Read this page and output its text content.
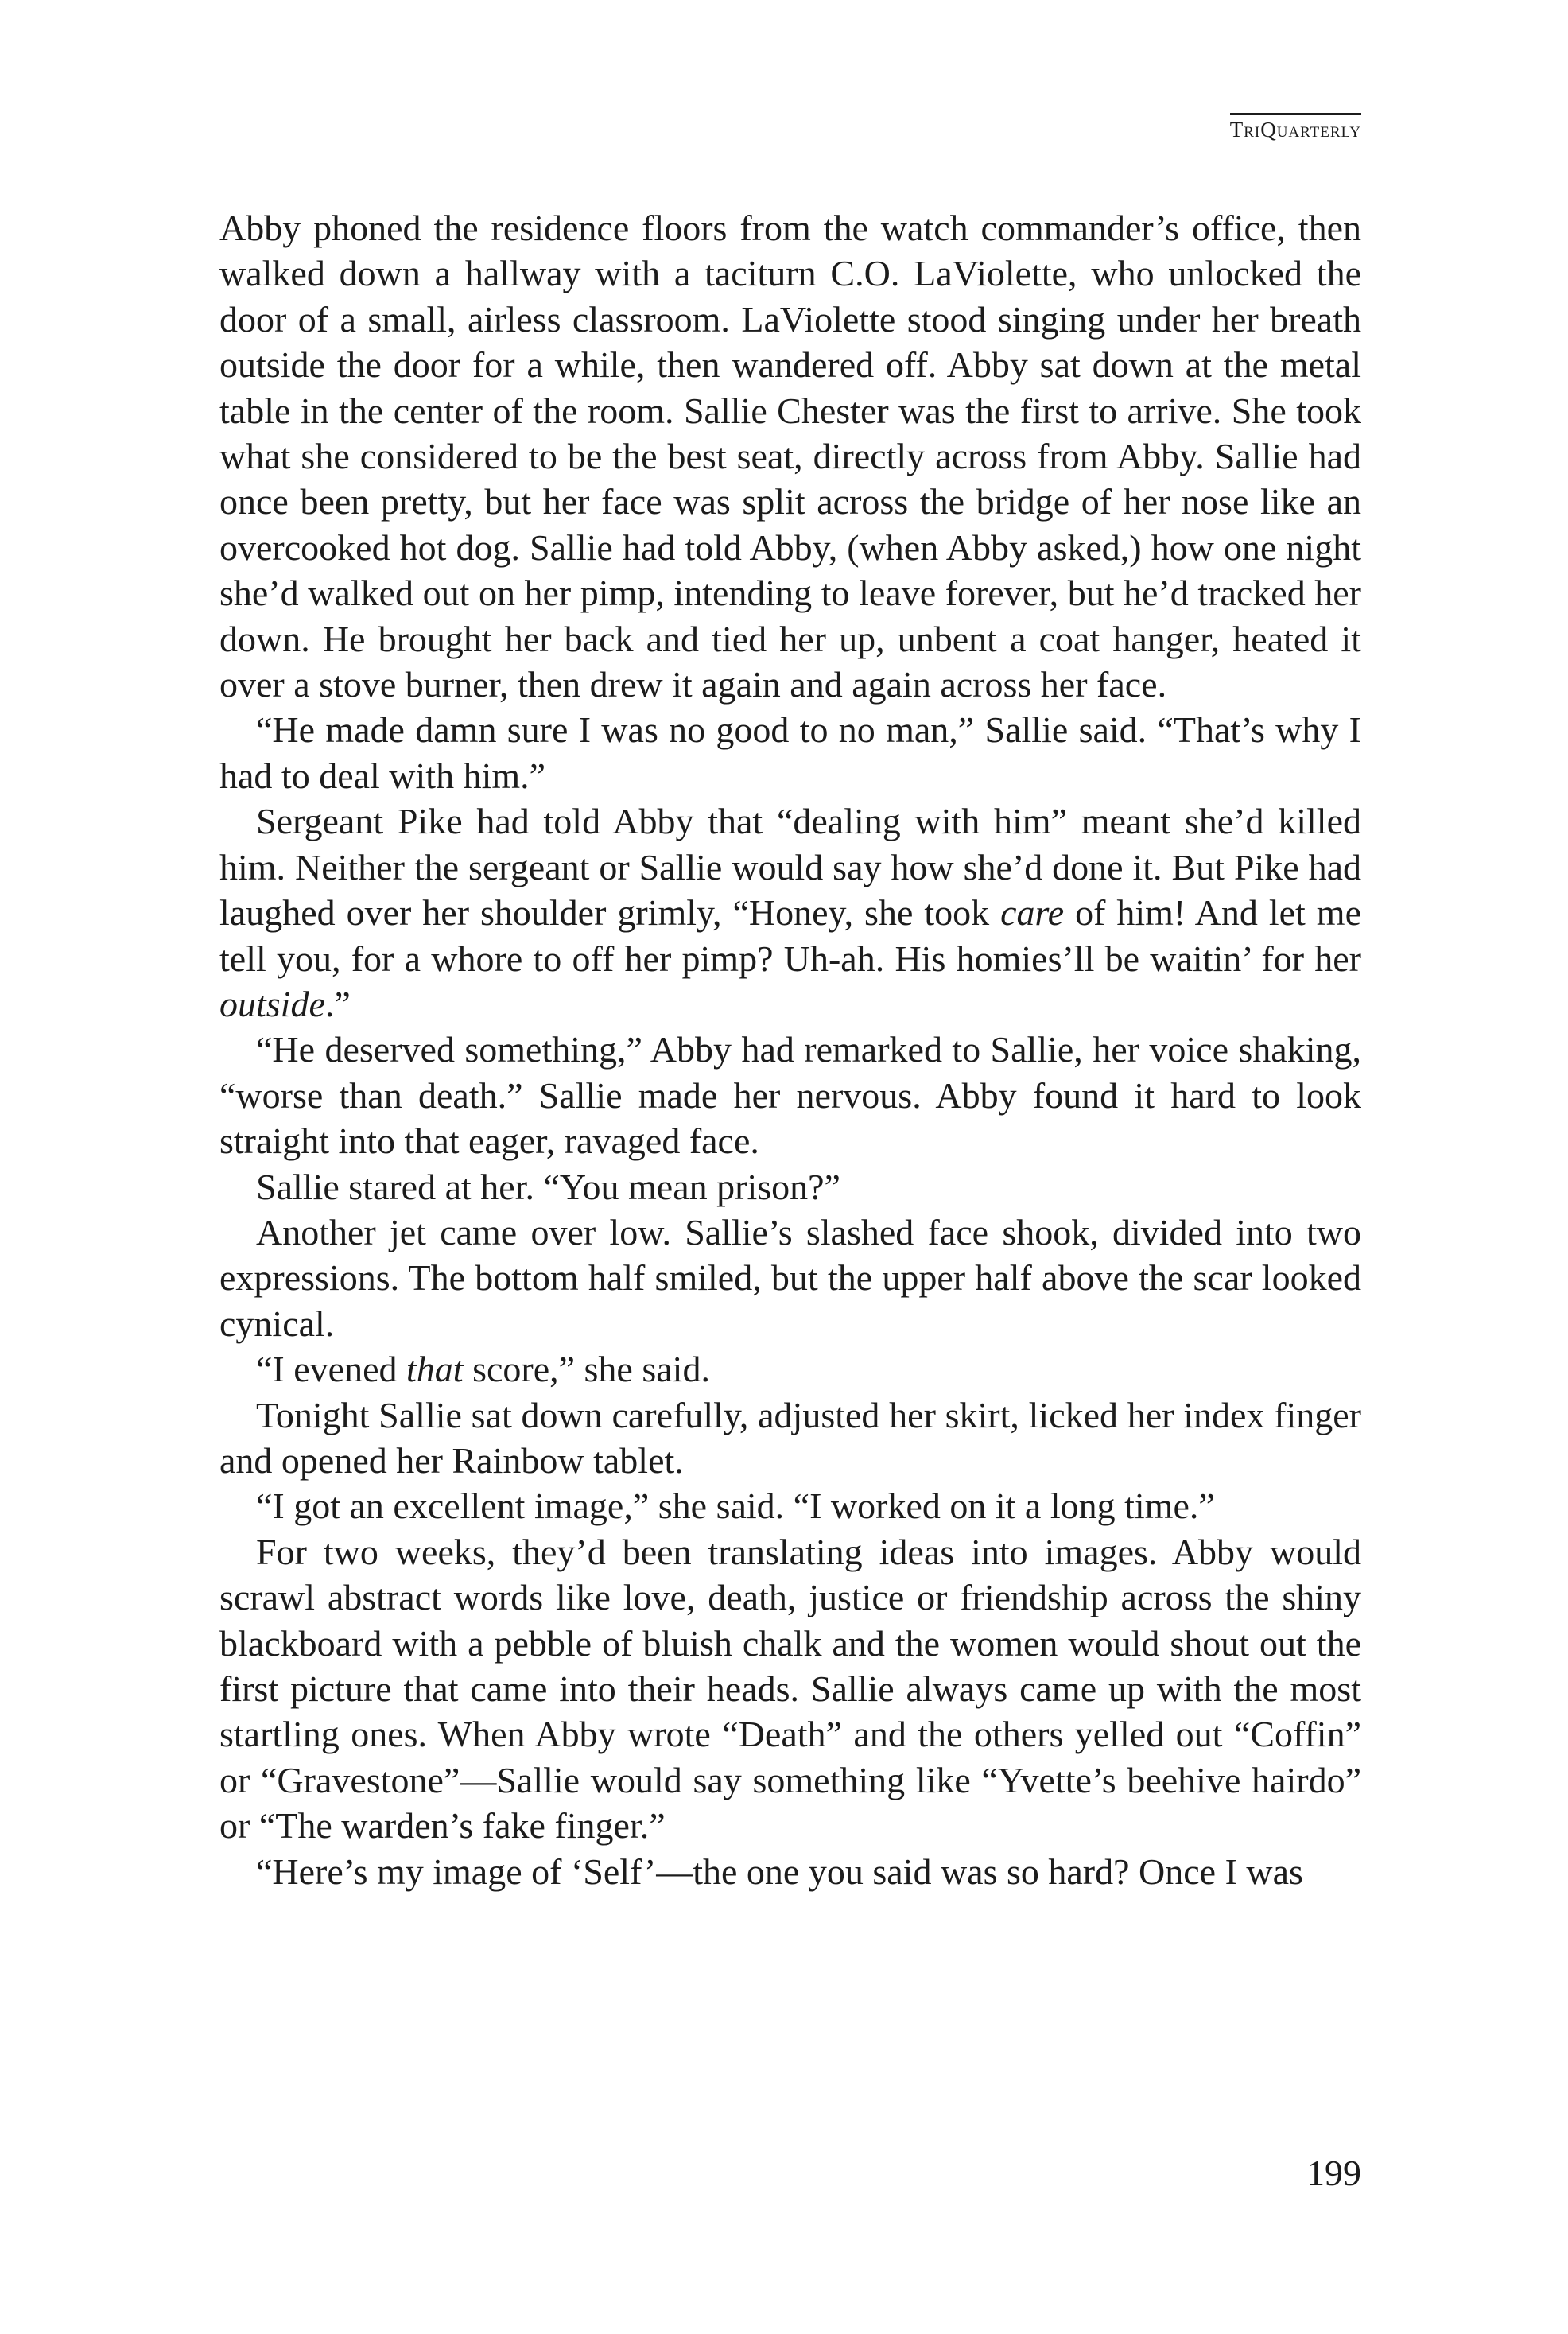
TriQuarterly

Abby phoned the residence floors from the watch commander’s office, then walked down a hallway with a taciturn C.O. LaViolette, who unlocked the door of a small, airless classroom. LaViolette stood singing under her breath outside the door for a while, then wandered off. Abby sat down at the metal table in the center of the room. Sallie Chester was the first to arrive. She took what she considered to be the best seat, directly across from Abby. Sallie had once been pretty, but her face was split across the bridge of her nose like an overcooked hot dog. Sallie had told Abby, (when Abby asked,) how one night she’d walked out on her pimp, intending to leave forever, but he’d tracked her down. He brought her back and tied her up, unbent a coat hanger, heated it over a stove burner, then drew it again and again across her face.

“He made damn sure I was no good to no man,” Sallie said. “That’s why I had to deal with him.”

Sergeant Pike had told Abby that “dealing with him” meant she’d killed him. Neither the sergeant or Sallie would say how she’d done it. But Pike had laughed over her shoulder grimly, “Honey, she took care of him! And let me tell you, for a whore to off her pimp? Uh-ah. His homies’ll be waitin’ for her outside.”

“He deserved something,” Abby had remarked to Sallie, her voice shaking, “worse than death.” Sallie made her nervous. Abby found it hard to look straight into that eager, ravaged face.

Sallie stared at her. “You mean prison?”

Another jet came over low. Sallie’s slashed face shook, divided into two expressions. The bottom half smiled, but the upper half above the scar looked cynical.

“I evened that score,” she said.

Tonight Sallie sat down carefully, adjusted her skirt, licked her index finger and opened her Rainbow tablet.

“I got an excellent image,” she said. “I worked on it a long time.”

For two weeks, they’d been translating ideas into images. Abby would scrawl abstract words like love, death, justice or friendship across the shiny blackboard with a pebble of bluish chalk and the women would shout out the first picture that came into their heads. Sallie always came up with the most startling ones. When Abby wrote “Death” and the others yelled out “Coffin” or “Gravestone”—Sallie would say something like “Yvette’s beehive hairdo” or “The warden’s fake finger.”

“Here’s my image of ‘Self’—the one you said was so hard? Once I was

199
